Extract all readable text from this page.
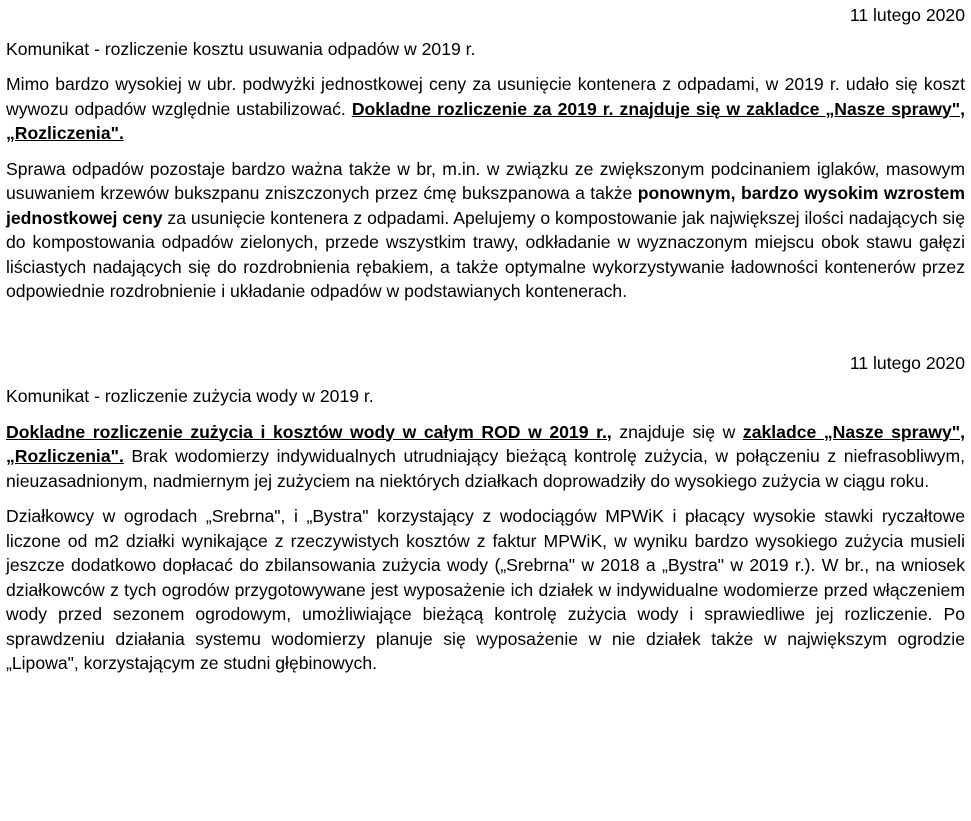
11 lutego 2020

Komunikat - rozliczenie kosztu usuwania odpadów w 2019 r.

Mimo bardzo wysokiej w ubr. podwyżki jednostkowej ceny za usunięcie kontenera z odpadami, w 2019 r. udało się koszt wywozu odpadów względnie ustabilizować. Dokladne rozliczenie za 2019 r. znajduje się w zakladce „Nasze sprawy", „Rozliczenia".

Sprawa odpadów pozostaje bardzo ważna także w br, m.in. w związku ze zwiększonym podcinaniem iglaków, masowym usuwaniem krzewów bukszpanu zniszczonych przez ćmę bukszpanowa a także ponownym, bardzo wysokim wzrostem jednostkowej ceny za usunięcie kontenera z odpadami. Apelujemy o kompostowanie jak największej ilości nadających się do kompostowania odpadów zielonych, przede wszystkim trawy, odkładanie w wyznaczonym miejscu obok stawu gałęzi liściastych nadających się do rozdrobnienia rębakiem, a także optymalne wykorzystywanie ładowności kontenerów przez odpowiednie rozdrobnienie i układanie odpadów w podstawianych kontenerach.

11 lutego 2020

Komunikat - rozliczenie zużycia wody w 2019 r.

Dokladne rozliczenie zużycia i kosztów wody w całym ROD w 2019 r., znajduje się w zakladce „Nasze sprawy", „Rozliczenia". Brak wodomierzy indywidualnych utrudniający bieżącą kontrolę zużycia, w połączeniu z niefrasobliwym, nieuzasadnionym, nadmiernym jej zużyciem na niektórych działkach doprowadziły do wysokiego zużycia w ciągu roku.

Działkowcy w ogrodach „Srebrna", i „Bystra" korzystający z wodociągów MPWiK i płacący wysokie stawki ryczałtowe liczone od m2 działki wynikające z rzeczywistych kosztów z faktur MPWiK, w wyniku bardzo wysokiego zużycia musieli jeszcze dodatkowo dopłacać do zbilansowania zużycia wody („Srebrna" w 2018 a „Bystra" w 2019 r.). W br., na wniosek działkowców z tych ogrodów przygotowywane jest wyposażenie ich działek w indywidualne wodomierze przed włączeniem wody przed sezonem ogrodowym, umożliwiające bieżącą kontrolę zużycia wody i sprawiedliwe jej rozliczenie. Po sprawdzeniu działania systemu wodomierzy planuje się wyposażenie w nie działek także w największym ogrodzie „Lipowa", korzystającym ze studni głębinowych.
